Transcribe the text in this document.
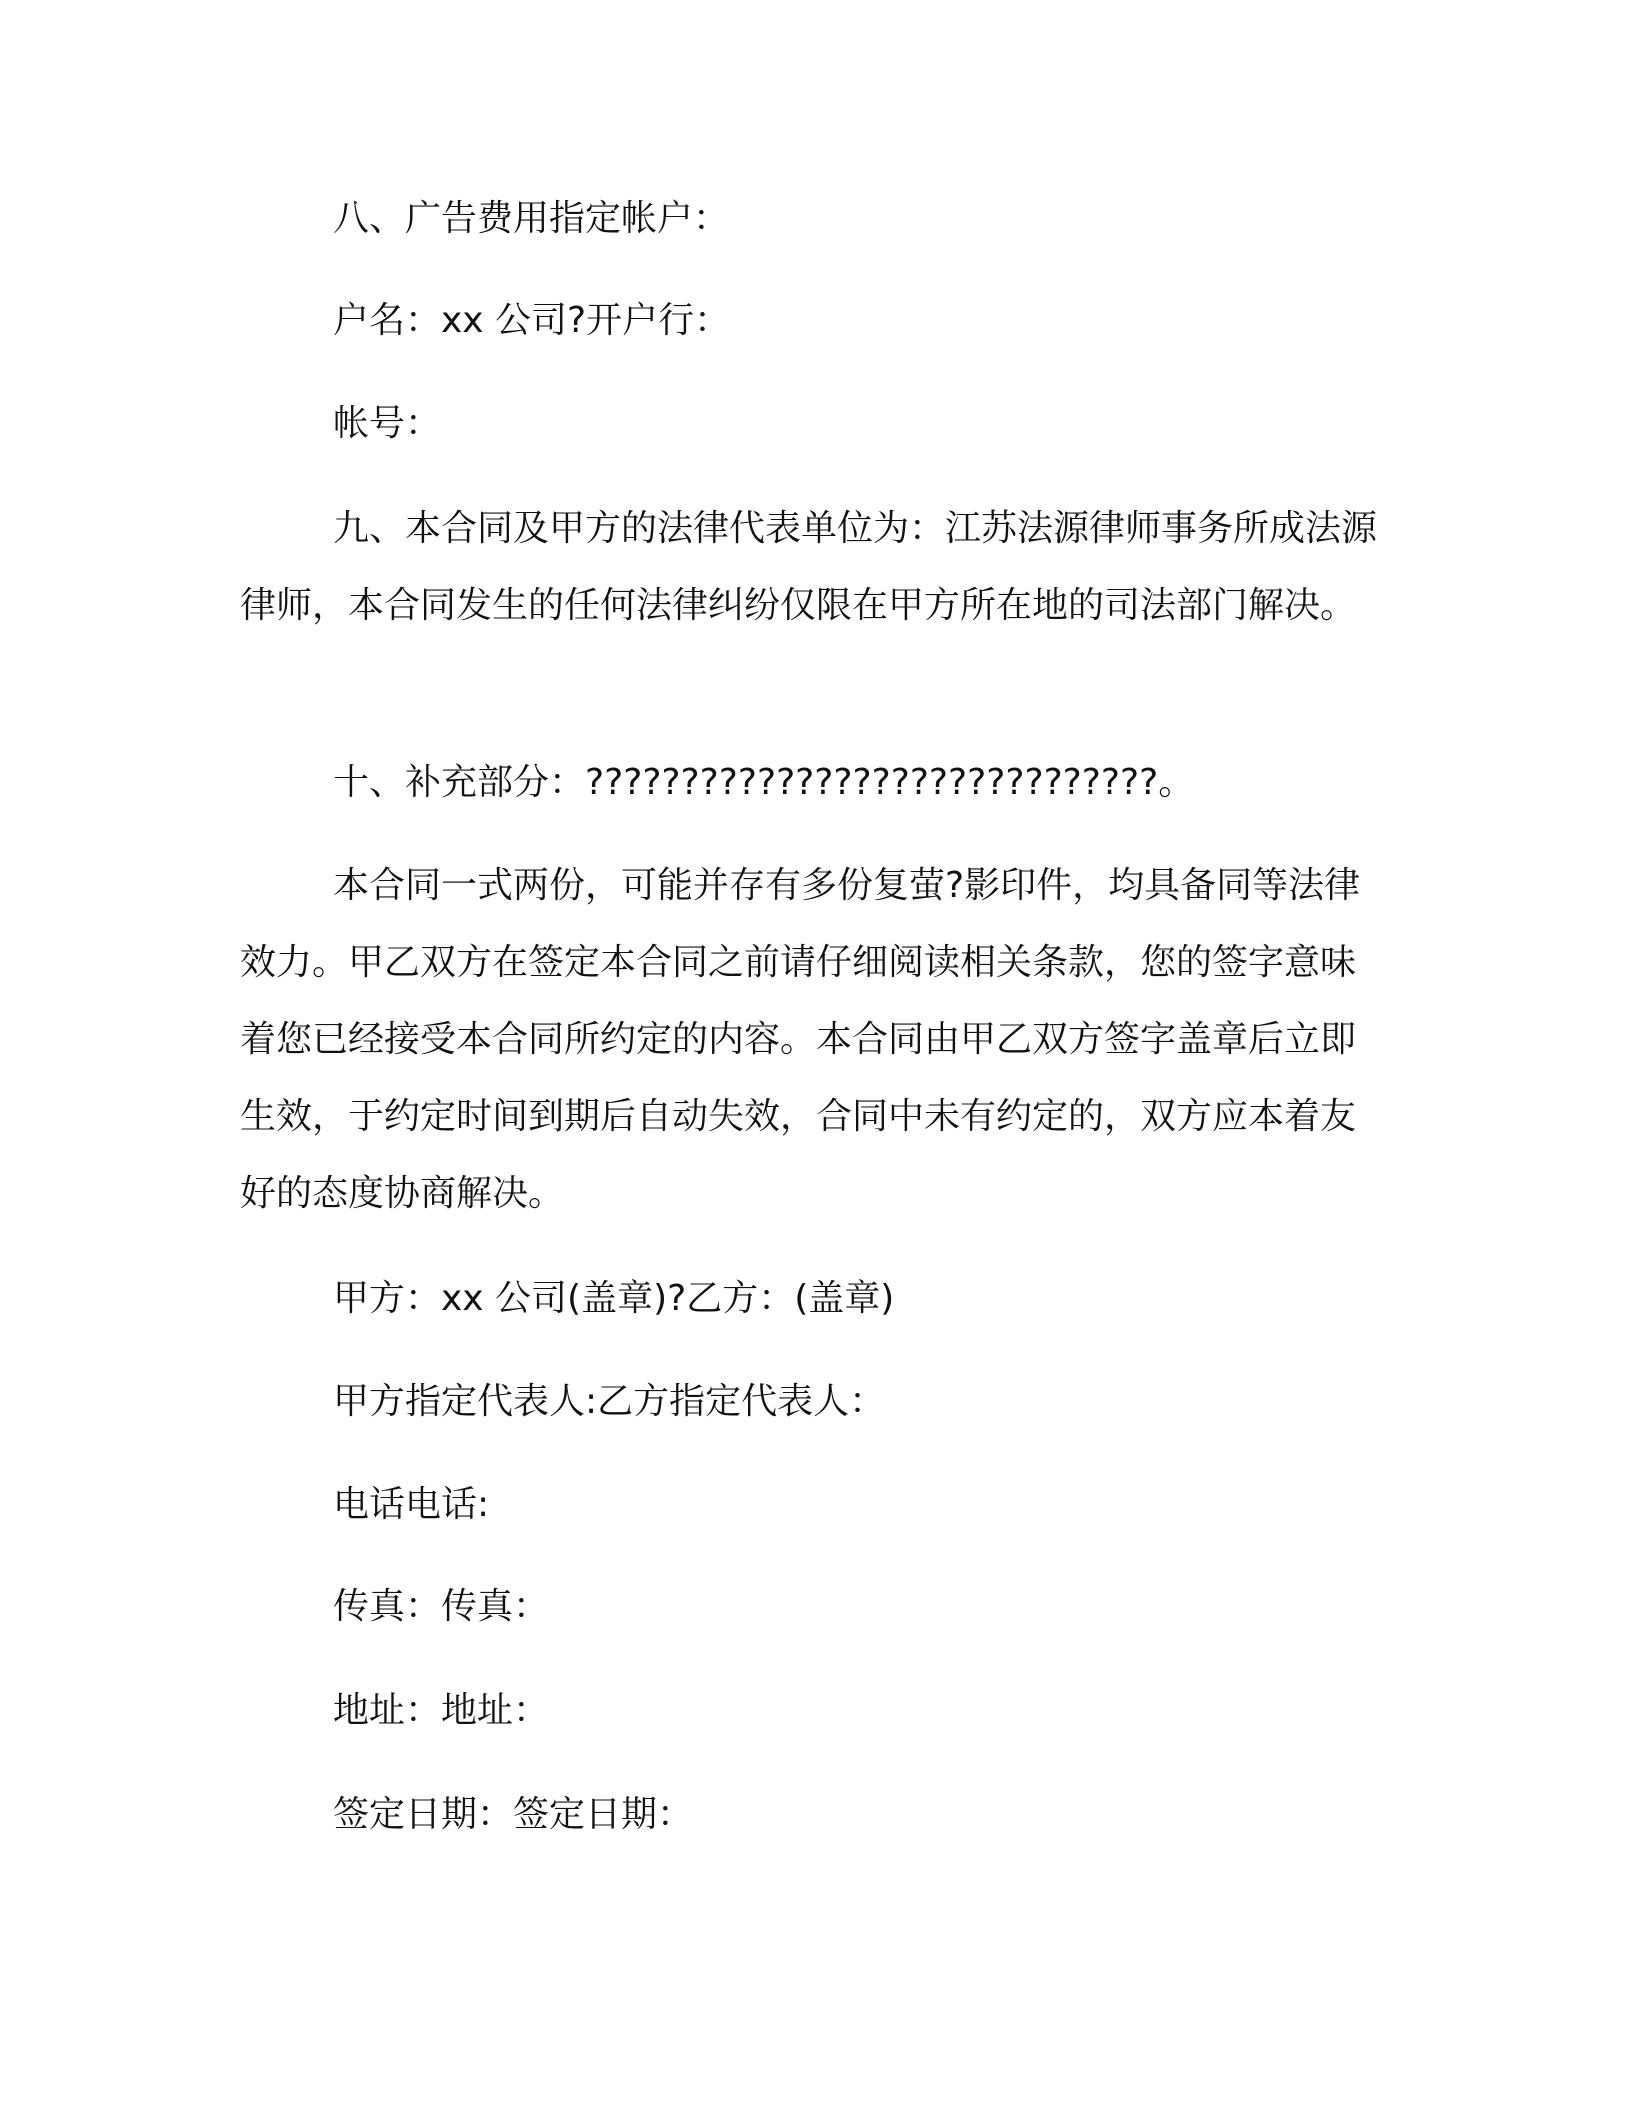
八、广告费用指定帐户：
户名：xx 公司?开户行：
帐号：

九、本合同及甲方的法律代表单位为：江苏法源律师事务所成法源律师，本合同发生的任何法律纠纷仅限在甲方所在地的司法部门解决。

十、补充部分：??????????????????????????????。

本合同一式两份，可能并存有多份复萤?影印件，均具备同等法律效力。甲乙双方在签定本合同之前请仔细阅读相关条款，您的签字意味着您已经接受本合同所约定的内容。本合同由甲乙双方签字盖章后立即生效，于约定时间到期后自动失效，合同中未有约定的，双方应本着友好的态度协商解决。

甲方：xx 公司(盖章)?乙方：(盖章)
甲方指定代表人:乙方指定代表人：
电话电话:
传真：传真：
地址：地址：
签定日期：签定日期：
